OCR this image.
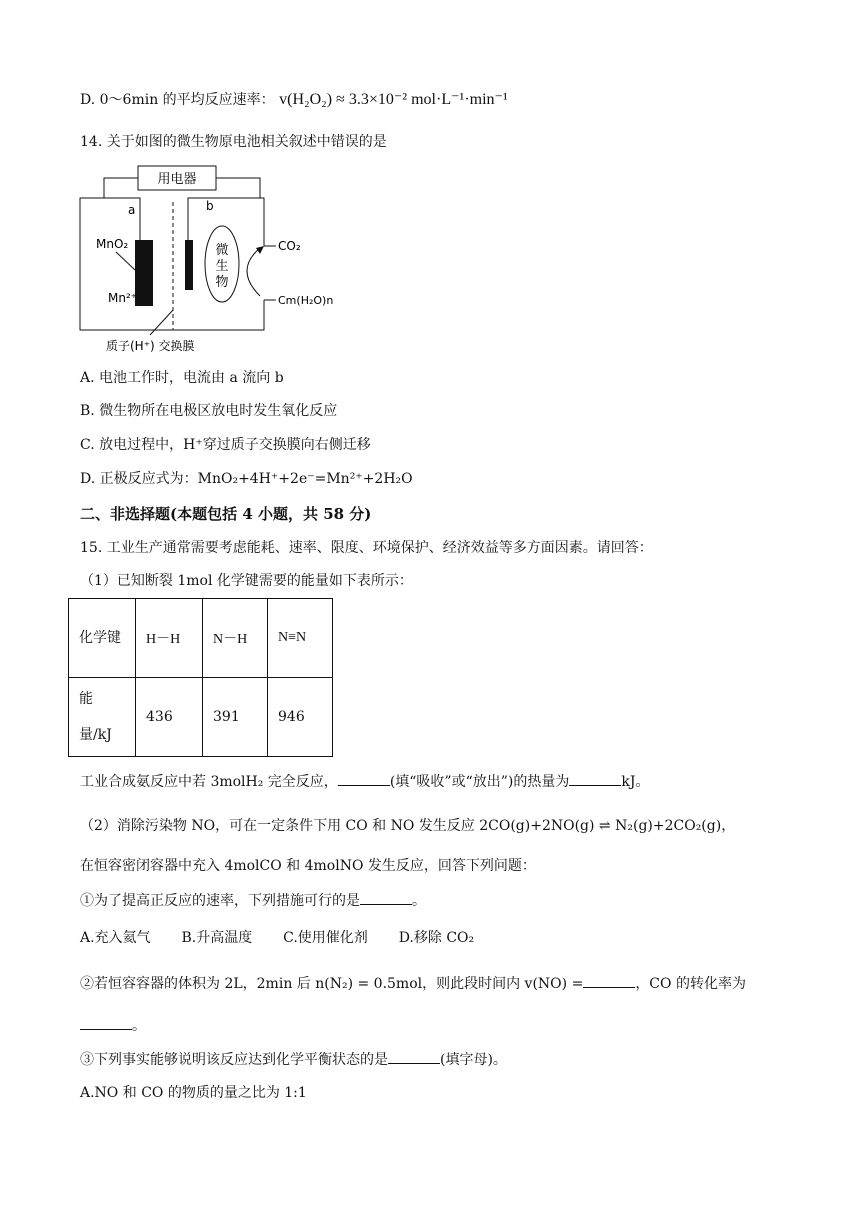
D. 0～6min 的平均反应速率： v(H₂O₂) ≈ 3.3×10⁻² mol·L⁻¹·min⁻¹
14. 关于如图的微生物原电池相关叙述中错误的是
用电器
a	b
MnO₂
Mn²⁺
微
生
物
CO₂
Cm(H₂O)n
质子(H⁺) 交换膜
A. 电池工作时，电流由 a 流向 b
B. 微生物所在电极区放电时发生氧化反应
C. 放电过程中，H⁺穿过质子交换膜向右侧迁移
D. 正极反应式为：MnO₂+4H⁺+2e⁻=Mn²⁺+2H₂O
二、非选择题(本题包括 4 小题，共 58 分)
15. 工业生产通常需要考虑能耗、速率、限度、环境保护、经济效益等多方面因素。请回答：
（1）已知断裂 1mol 化学键需要的能量如下表所示：
化学键	H－H	N－H	N≡N
能量/kJ	436	391	946
工业合成氨反应中若 3molH₂ 完全反应，	(填“吸收”或“放出”)的热量为	kJ。
（2）消除污染物 NO，可在一定条件下用 CO 和 NO 发生反应 2CO(g)+2NO(g) ⇌ N₂(g)+2CO₂(g)，
在恒容密闭容器中充入 4molCO 和 4molNO 发生反应，回答下列问题：
①为了提高正反应的速率，下列措施可行的是	。
A.充入氦气 B.升高温度 C.使用催化剂 D.移除 CO₂
②若恒容容器的体积为 2L，2min 后 n(N₂) = 0.5mol，则此段时间内 v(NO) =	，CO 的转化率为
。
③下列事实能够说明该反应达到化学平衡状态的是	(填字母)。
A.NO 和 CO 的物质的量之比为 1:1
